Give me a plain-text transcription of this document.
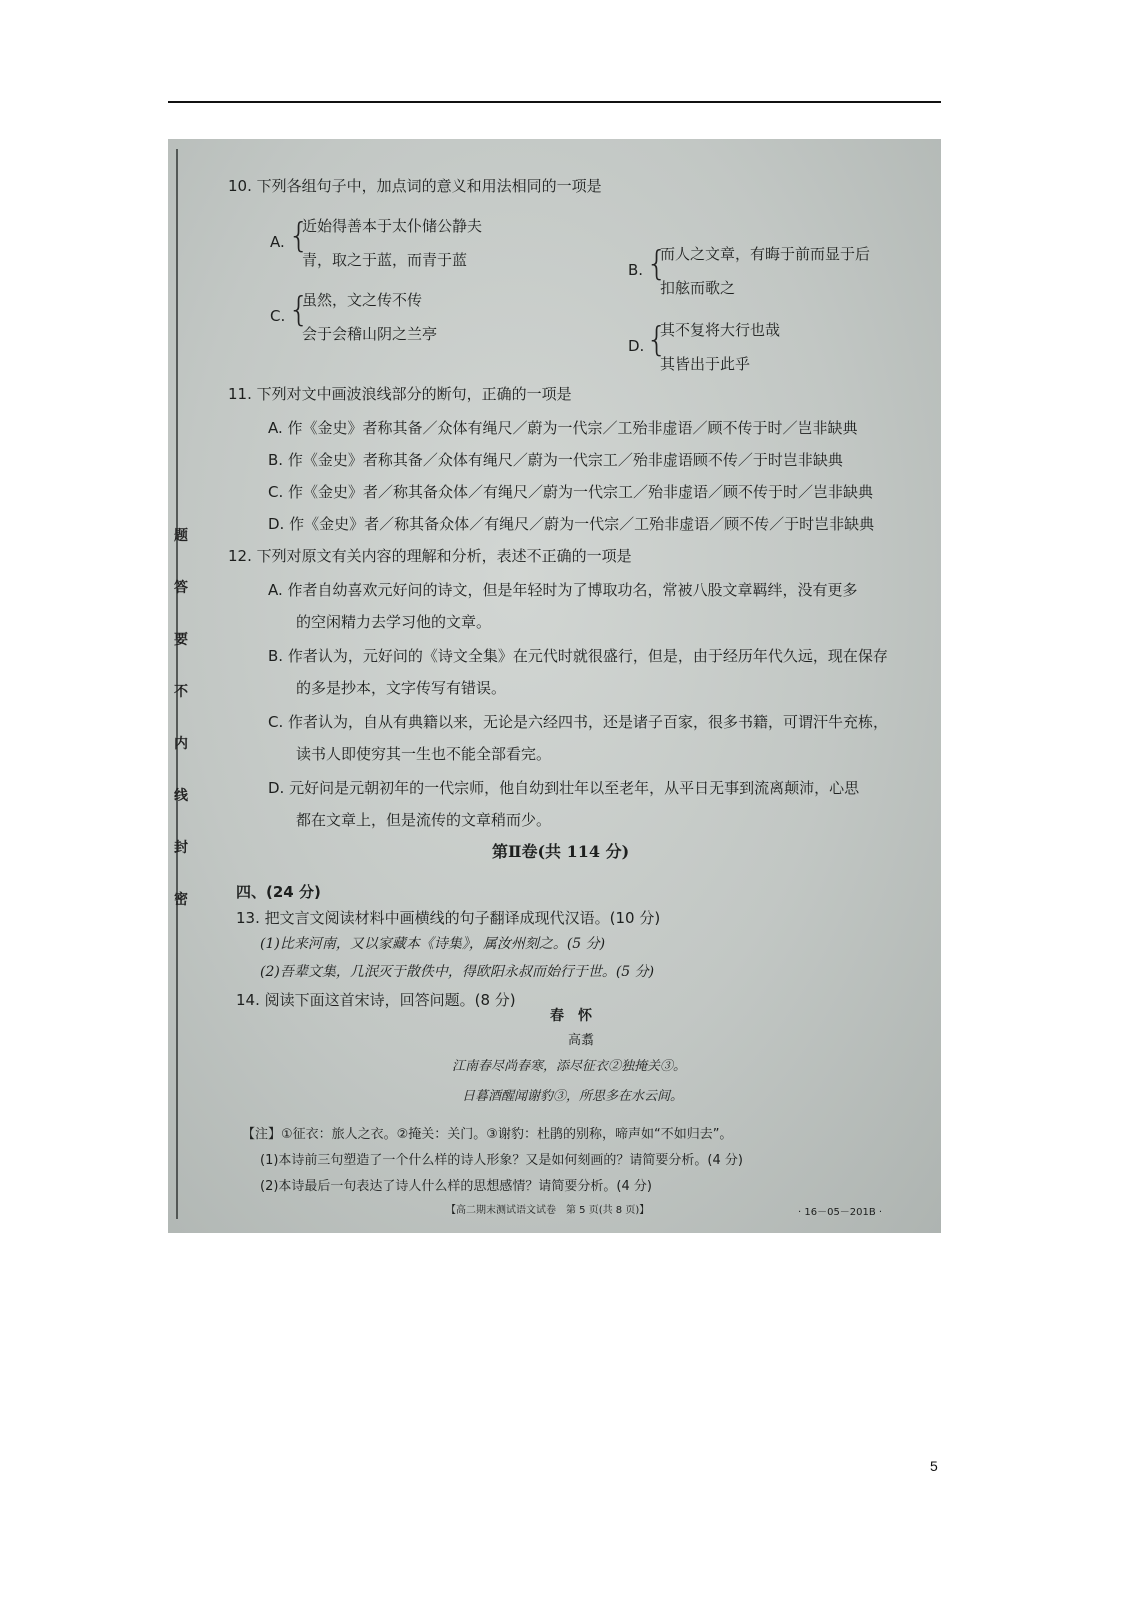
题
答
要
不
内
线
封
密
10. 下列各组句子中，加点词的意义和用法相同的一项是
A. {
近始得善本于太仆储公静夫
青，取之于蓝，而青于蓝
B. {
而人之文章，有晦于前而显于后
扣舷而歌之
C. {
虽然，文之传不传
会于会稽山阴之兰亭
D. {
其不复将大行也哉
其皆出于此乎
11. 下列对文中画波浪线部分的断句，正确的一项是
A. 作《金史》者称其备／众体有绳尺／蔚为一代宗／工殆非虚语／顾不传于时／岂非缺典
B. 作《金史》者称其备／众体有绳尺／蔚为一代宗工／殆非虚语顾不传／于时岂非缺典
C. 作《金史》者／称其备众体／有绳尺／蔚为一代宗工／殆非虚语／顾不传于时／岂非缺典
D. 作《金史》者／称其备众体／有绳尺／蔚为一代宗／工殆非虚语／顾不传／于时岂非缺典
12. 下列对原文有关内容的理解和分析，表述不正确的一项是
A. 作者自幼喜欢元好问的诗文，但是年轻时为了博取功名，常被八股文章羁绊，没有更多
的空闲精力去学习他的文章。
B. 作者认为，元好问的《诗文全集》在元代时就很盛行，但是，由于经历年代久远，现在保存
的多是抄本，文字传写有错误。
C. 作者认为，自从有典籍以来，无论是六经四书，还是诸子百家，很多书籍，可谓汗牛充栋，
读书人即使穷其一生也不能全部看完。
D. 元好问是元朝初年的一代宗师，他自幼到壮年以至老年，从平日无事到流离颠沛，心思
都在文章上，但是流传的文章稍而少。
第Ⅱ卷(共 114 分)
四、(24 分)
13. 把文言文阅读材料中画横线的句子翻译成现代汉语。(10 分)
(1)比来河南，又以家藏本《诗集》，属汝州刻之。(5 分)
(2)吾辈文集，几泯灭于散佚中，得欧阳永叔而始行于世。(5 分)
14. 阅读下面这首宋诗，回答问题。(8 分)
春　怀
高翥
江南春尽尚春寒，添尽征衣②独掩关③。
日暮酒醒闻谢豹③，所思多在水云间。
【注】①征衣：旅人之衣。②掩关：关门。③谢豹：杜鹃的别称，啼声如“不如归去”。
(1)本诗前三句塑造了一个什么样的诗人形象？又是如何刻画的？请简要分析。(4 分)
(2)本诗最后一句表达了诗人什么样的思想感情？请简要分析。(4 分)
【高二期末测试语文试卷　第 5 页(共 8 页)】	· 16－05－201B ·
5
